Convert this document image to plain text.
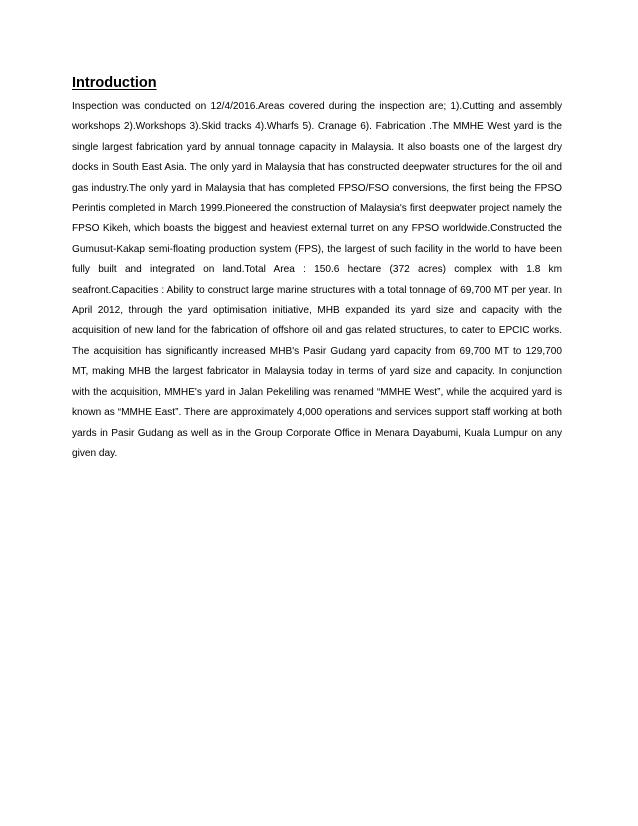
Introduction

Inspection was conducted on 12/4/2016.Areas covered during the inspection are; 1).Cutting and assembly workshops 2).Workshops 3).Skid tracks 4).Wharfs 5). Cranage 6). Fabrication .The MMHE West yard is the single largest fabrication yard by annual tonnage capacity in Malaysia. It also boasts one of the largest dry docks in South East Asia. The only yard in Malaysia that has constructed deepwater structures for the oil and gas industry.The only yard in Malaysia that has completed FPSO/FSO conversions, the first being the FPSO Perintis completed in March 1999.Pioneered the construction of Malaysia's first deepwater project namely the FPSO Kikeh, which boasts the biggest and heaviest external turret on any FPSO worldwide.Constructed the Gumusut-Kakap semi-floating production system (FPS), the largest of such facility in the world to have been fully built and integrated on land.Total Area : 150.6 hectare (372 acres) complex with 1.8 km seafront.Capacities : Ability to construct large marine structures with a total tonnage of 69,700 MT per year. In April 2012, through the yard optimisation initiative, MHB expanded its yard size and capacity with the acquisition of new land for the fabrication of offshore oil and gas related structures, to cater to EPCIC works. The acquisition has significantly increased MHB's Pasir Gudang yard capacity from 69,700 MT to 129,700 MT, making MHB the largest fabricator in Malaysia today in terms of yard size and capacity. In conjunction with the acquisition, MMHE's yard in Jalan Pekeliling was renamed “MMHE West”, while the acquired yard is known as “MMHE East”. There are approximately 4,000 operations and services support staff working at both yards in Pasir Gudang as well as in the Group Corporate Office in Menara Dayabumi, Kuala Lumpur on any given day.
